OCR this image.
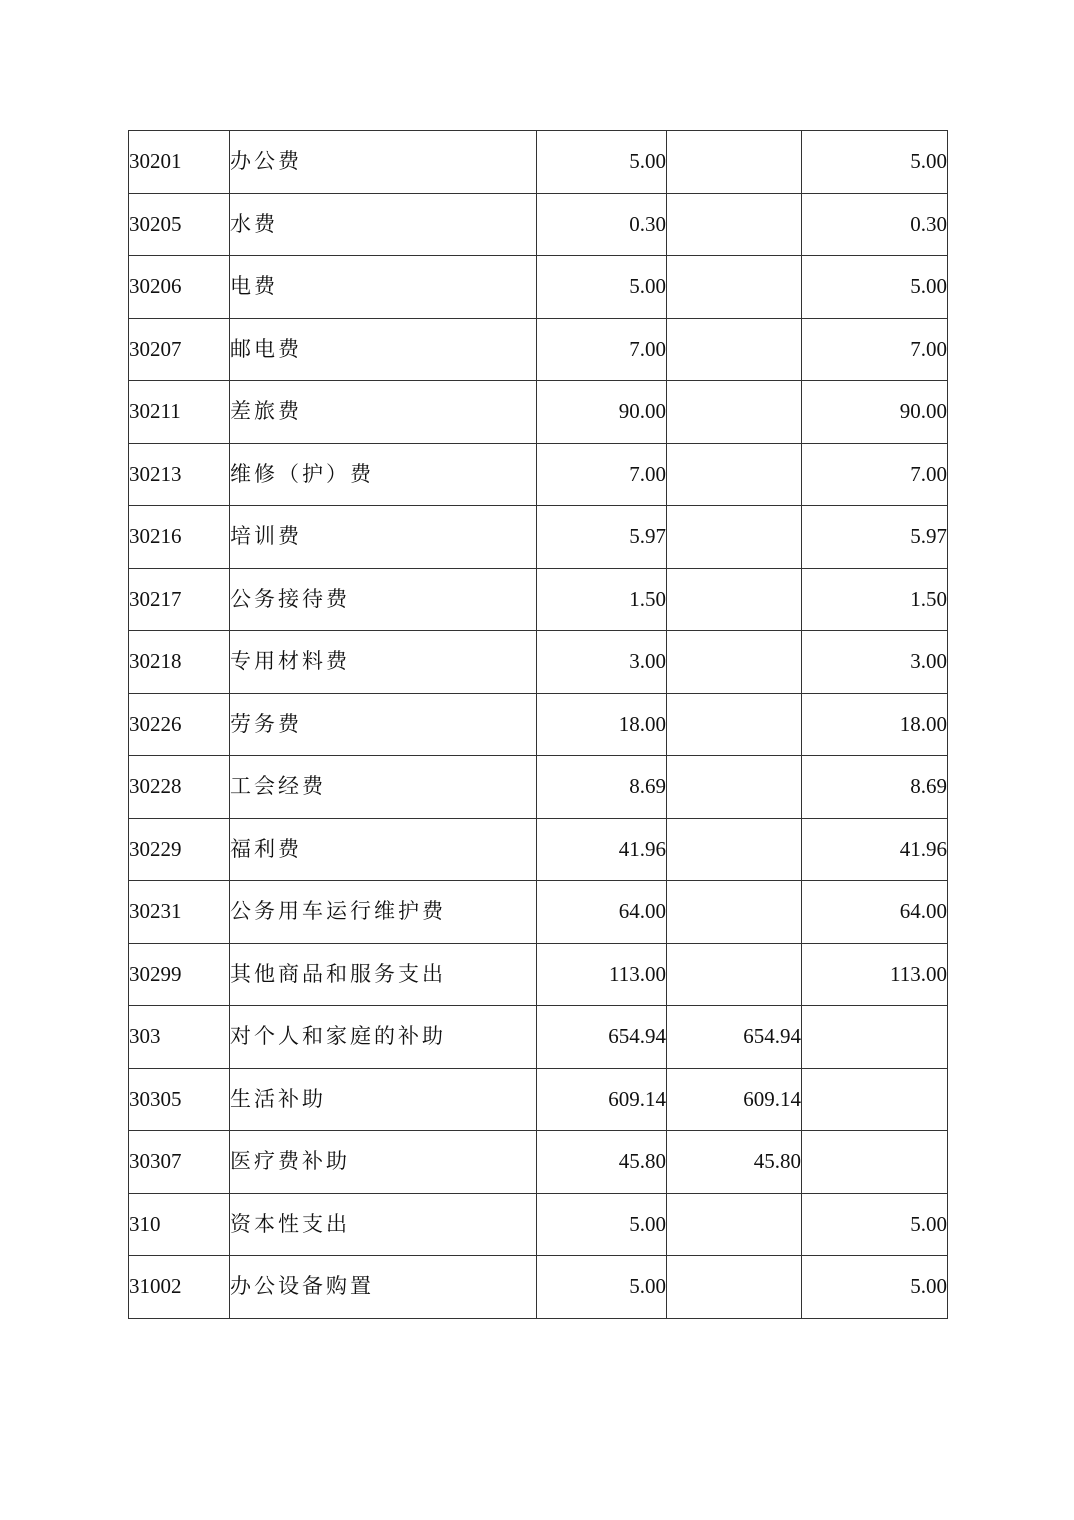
30201	办公费	5.00		5.00
30205	水费	0.30		0.30
30206	电费	5.00		5.00
30207	邮电费	7.00		7.00
30211	差旅费	90.00		90.00
30213	维修（护）费	7.00		7.00
30216	培训费	5.97		5.97
30217	公务接待费	1.50		1.50
30218	专用材料费	3.00		3.00
30226	劳务费	18.00		18.00
30228	工会经费	8.69		8.69
30229	福利费	41.96		41.96
30231	公务用车运行维护费	64.00		64.00
30299	其他商品和服务支出	113.00		113.00
303	对个人和家庭的补助	654.94	654.94	
30305	生活补助	609.14	609.14	
30307	医疗费补助	45.80	45.80	
310	资本性支出	5.00		5.00
31002	办公设备购置	5.00		5.00
